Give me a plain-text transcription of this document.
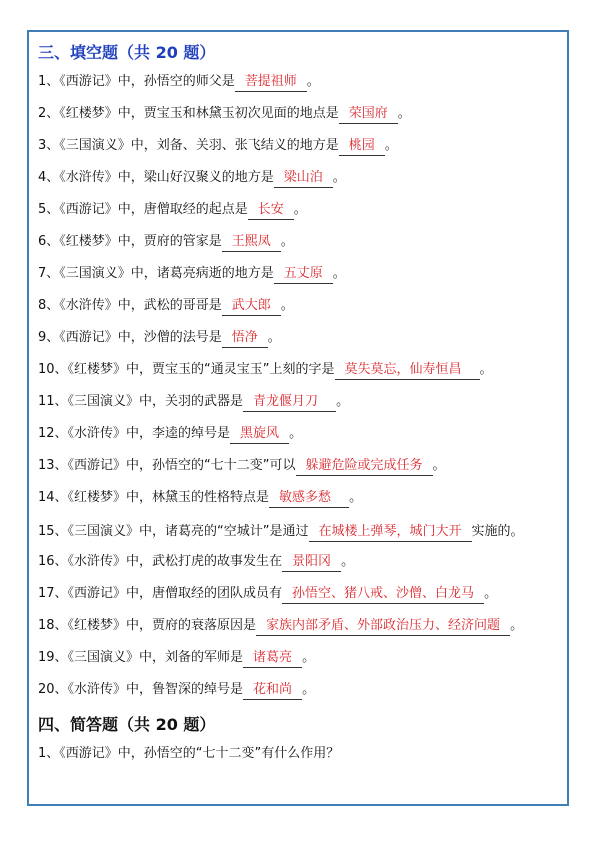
三、填空题（共 20 题）
1、《西游记》中，孙悟空的师父是 菩提祖师 。
2、《红楼梦》中，贾宝玉和林黛玉初次见面的地点是 荣国府 。
3、《三国演义》中，刘备、关羽、张飞结义的地方是 桃园 。
4、《水浒传》中，梁山好汉聚义的地方是 梁山泊 。
5、《西游记》中，唐僧取经的起点是 长安 。
6、《红楼梦》中，贾府的管家是 王熙凤 。
7、《三国演义》中，诸葛亮病逝的地方是 五丈原 。
8、《水浒传》中，武松的哥哥是 武大郎 。
9、《西游记》中，沙僧的法号是 悟净 。
10、《红楼梦》中，贾宝玉的“通灵宝玉”上刻的字是 莫失莫忘，仙寿恒昌 。
11、《三国演义》中，关羽的武器是 青龙偃月刀 。
12、《水浒传》中，李逵的绰号是 黑旋风 。
13、《西游记》中，孙悟空的“七十二变”可以 躲避危险或完成任务 。
14、《红楼梦》中，林黛玉的性格特点是 敏感多愁 。
15、《三国演义》中，诸葛亮的“空城计”是通过 在城楼上弹琴，城门大开 实施的。
16、《水浒传》中，武松打虎的故事发生在 景阳冈 。
17、《西游记》中，唐僧取经的团队成员有 孙悟空、猪八戒、沙僧、白龙马 。
18、《红楼梦》中，贾府的衰落原因是 家族内部矛盾、外部政治压力、经济问题 。
19、《三国演义》中，刘备的军师是 诸葛亮 。
20、《水浒传》中，鲁智深的绰号是 花和尚 。
四、简答题（共 20 题）
1、《西游记》中，孙悟空的“七十二变”有什么作用？
